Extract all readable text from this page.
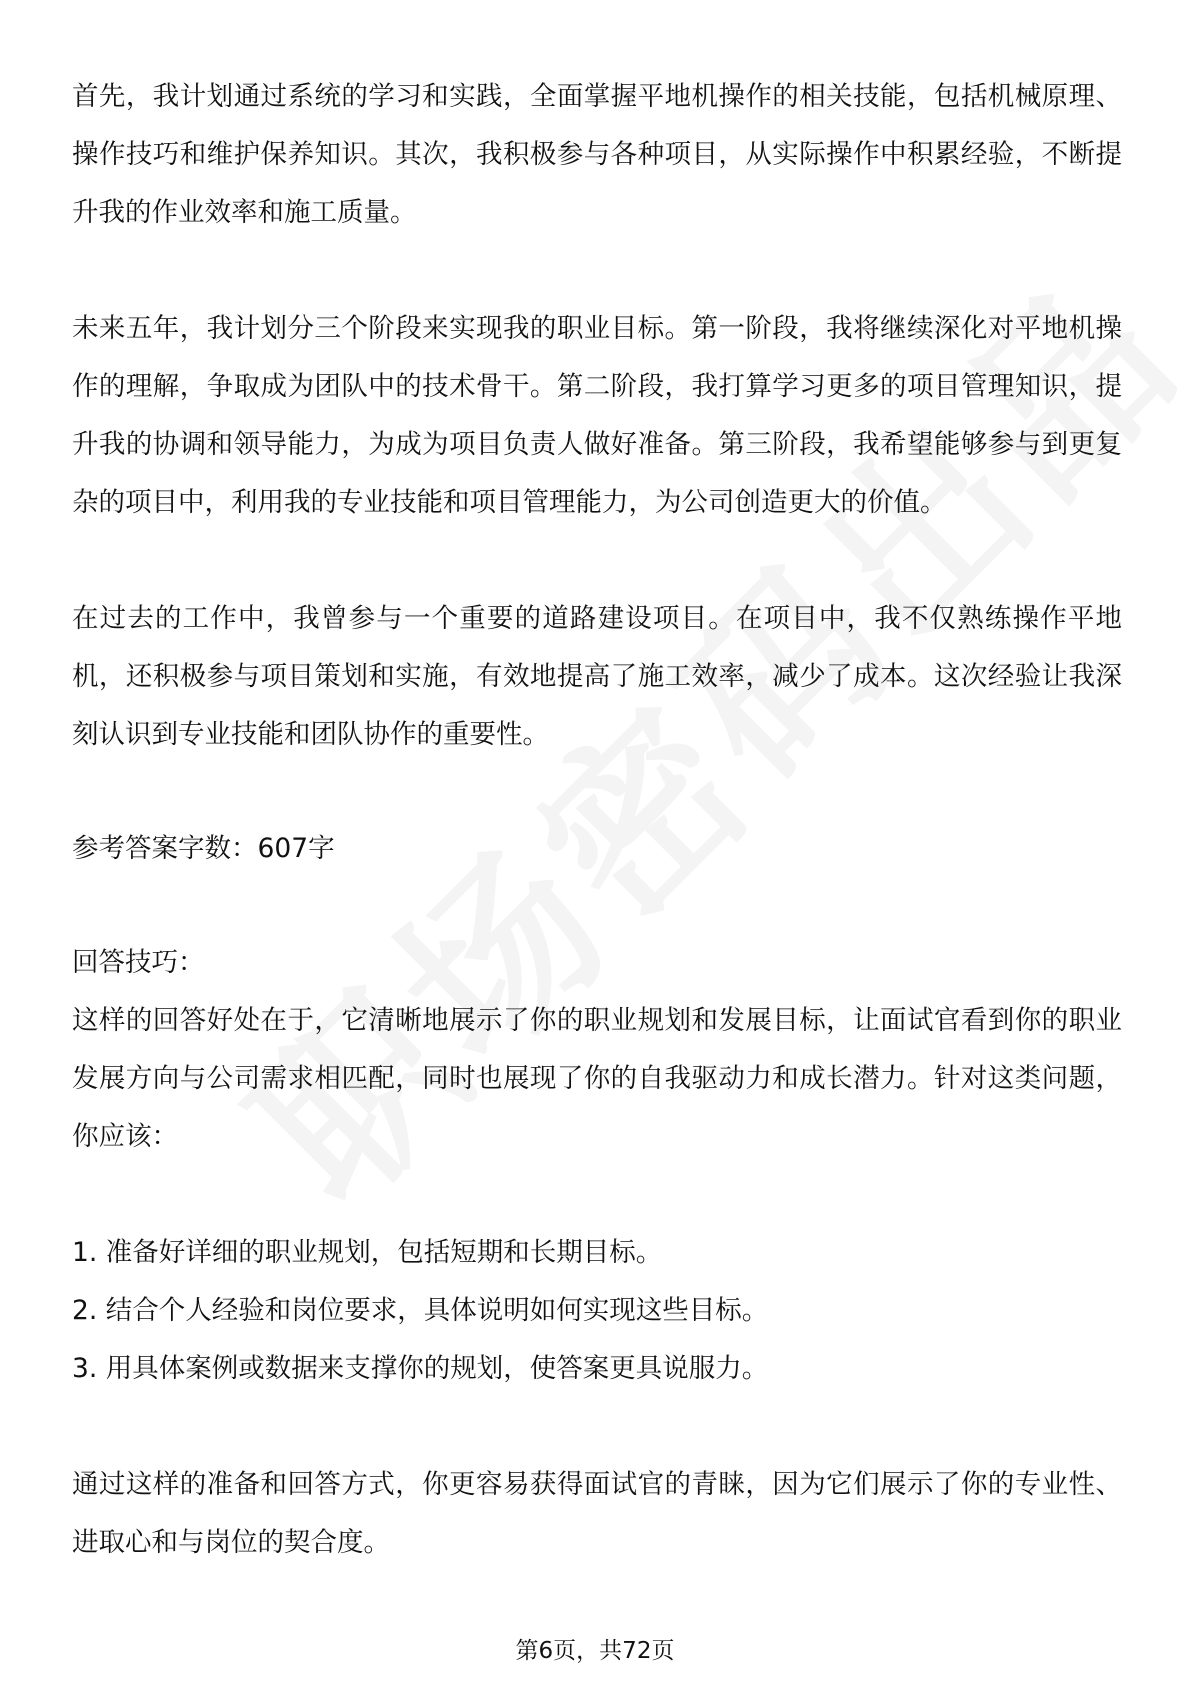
首先，我计划通过系统的学习和实践，全面掌握平地机操作的相关技能，包括机械原理、操作技巧和维护保养知识。其次，我积极参与各种项目，从实际操作中积累经验，不断提升我的作业效率和施工质量。

未来五年，我计划分三个阶段来实现我的职业目标。第一阶段，我将继续深化对平地机操作的理解，争取成为团队中的技术骨干。第二阶段，我打算学习更多的项目管理知识，提升我的协调和领导能力，为成为项目负责人做好准备。第三阶段，我希望能够参与到更复杂的项目中，利用我的专业技能和项目管理能力，为公司创造更大的价值。

在过去的工作中，我曾参与一个重要的道路建设项目。在项目中，我不仅熟练操作平地机，还积极参与项目策划和实施，有效地提高了施工效率，减少了成本。这次经验让我深刻认识到专业技能和团队协作的重要性。

参考答案字数：607字

回答技巧：

这样的回答好处在于，它清晰地展示了你的职业规划和发展目标，让面试官看到你的职业发展方向与公司需求相匹配，同时也展现了你的自我驱动力和成长潜力。针对这类问题，你应该：

1. 准备好详细的职业规划，包括短期和长期目标。
2. 结合个人经验和岗位要求，具体说明如何实现这些目标。
3. 用具体案例或数据来支撑你的规划，使答案更具说服力。

通过这样的准备和回答方式，你更容易获得面试官的青睐，因为它们展示了你的专业性、进取心和与岗位的契合度。

第6页，共72页
